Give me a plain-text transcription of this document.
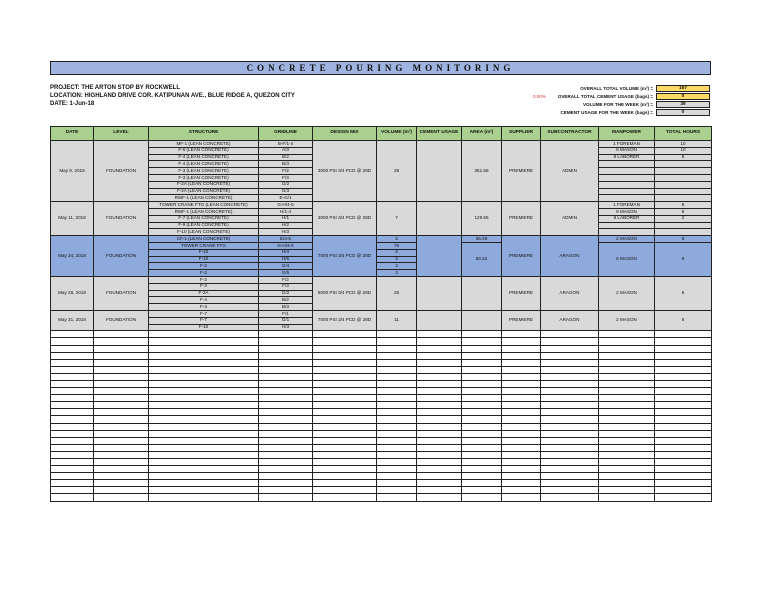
CONCRETE POURING MONITORING
PROJECT: THE ARTON STOP BY ROCKWELL
LOCATION: HIGHLAND DRIVE COR. KATIPUNAN AVE., BLUE RIDGE A, QUEZON CITY
DATE: 1-Jun-18
0.00%
OVERALL TOTAL VOLUME (m³) =	167
OVERALL TOTAL CEMENT USAGE (bags) =	0
VOLUME FOR THE WEEK (m³) =	39
CEMENT USAGE FOR THE WEEK (bags) =	0
DATE	LEVEL	STRUCTURE	GRIDLINE	DESIGN MIX	VOLUME (m³)	CEMENT USAGE	AREA (m²)	SUPPLIER	SUBCONTRACTOR	MANPOWER	TOTAL HOURS
May 9, 2018	FOUNDATION	MF-1 (LEAN CONCRETE)	B-F/1-4	3000 PSI 3/4 PCD @ 28D	28		361.58	PREMIERE	ADMIN	1 FOREMAN	10
		F-6 (LEAN CONCRETE)	A/3							8 MASON	10
		F-4 (LEAN CONCRETE)	B/2							8 LABORER	6
		F-4 (LEAN CONCRETE)	B/3								
		F-3 (LEAN CONCRETE)	F/2								
		F-3 (LEAN CONCRETE)	F/3								
		F-2A (LEAN CONCRETE)	G/2								
		F-2A (LEAN CONCRETE)	G/3								
		RWF-1 (LEAN CONCRETE)	E-G/1								
May 11, 2018	FOUNDATION	TOWER CRANE FTG (LEAN CONCRETE)	G-H/4-5	3000 PSI 3/4 PCD @ 28D	7		129.65	PREMIERE	ADMIN	1 FOREMAN	6
		RWF-1 (LEAN CONCRETE)	H/1-4							8 MASON	6
		F-7 (LEAN CONCRETE)	H/1							8 LABORER	2
		F-9 (LEAN CONCRETE)	H/2								
		F-10 (LEAN CONCRETE)	H/3								
May 24, 2018	FOUNDATION	CF-1 (LEAN CONCRETE)	E/4-5	7000 PSI 3/4 PCD @ 28D	3		36.46	PREMIERE	ARAGON	2 MASON	6
		TOWER CRANE FTG	G-H/4-5		76		83.22			6 MASON	8
		F-10	H/4		4						
		F-10	H/5		4						
		F-2	G/4		3						
		F-2	G/5		3						
May 28, 2018	FOUNDATION	F-2	F/2	5000 PSI 3/4 PCD @ 28D	28			PREMIERE	ARAGON	2 MASON	6
		F-3	F/3								
		F-2A	G/2								
		F-4	B/2								
		F-4	B/3								
May 31, 2018	FOUNDATION	F-7	F/1	7000 PSI 3/4 PCD @ 28D	11			PREMIERE	ARAGON	2 MASON	6
		F-7	G/1								
		F-10	H/3								
